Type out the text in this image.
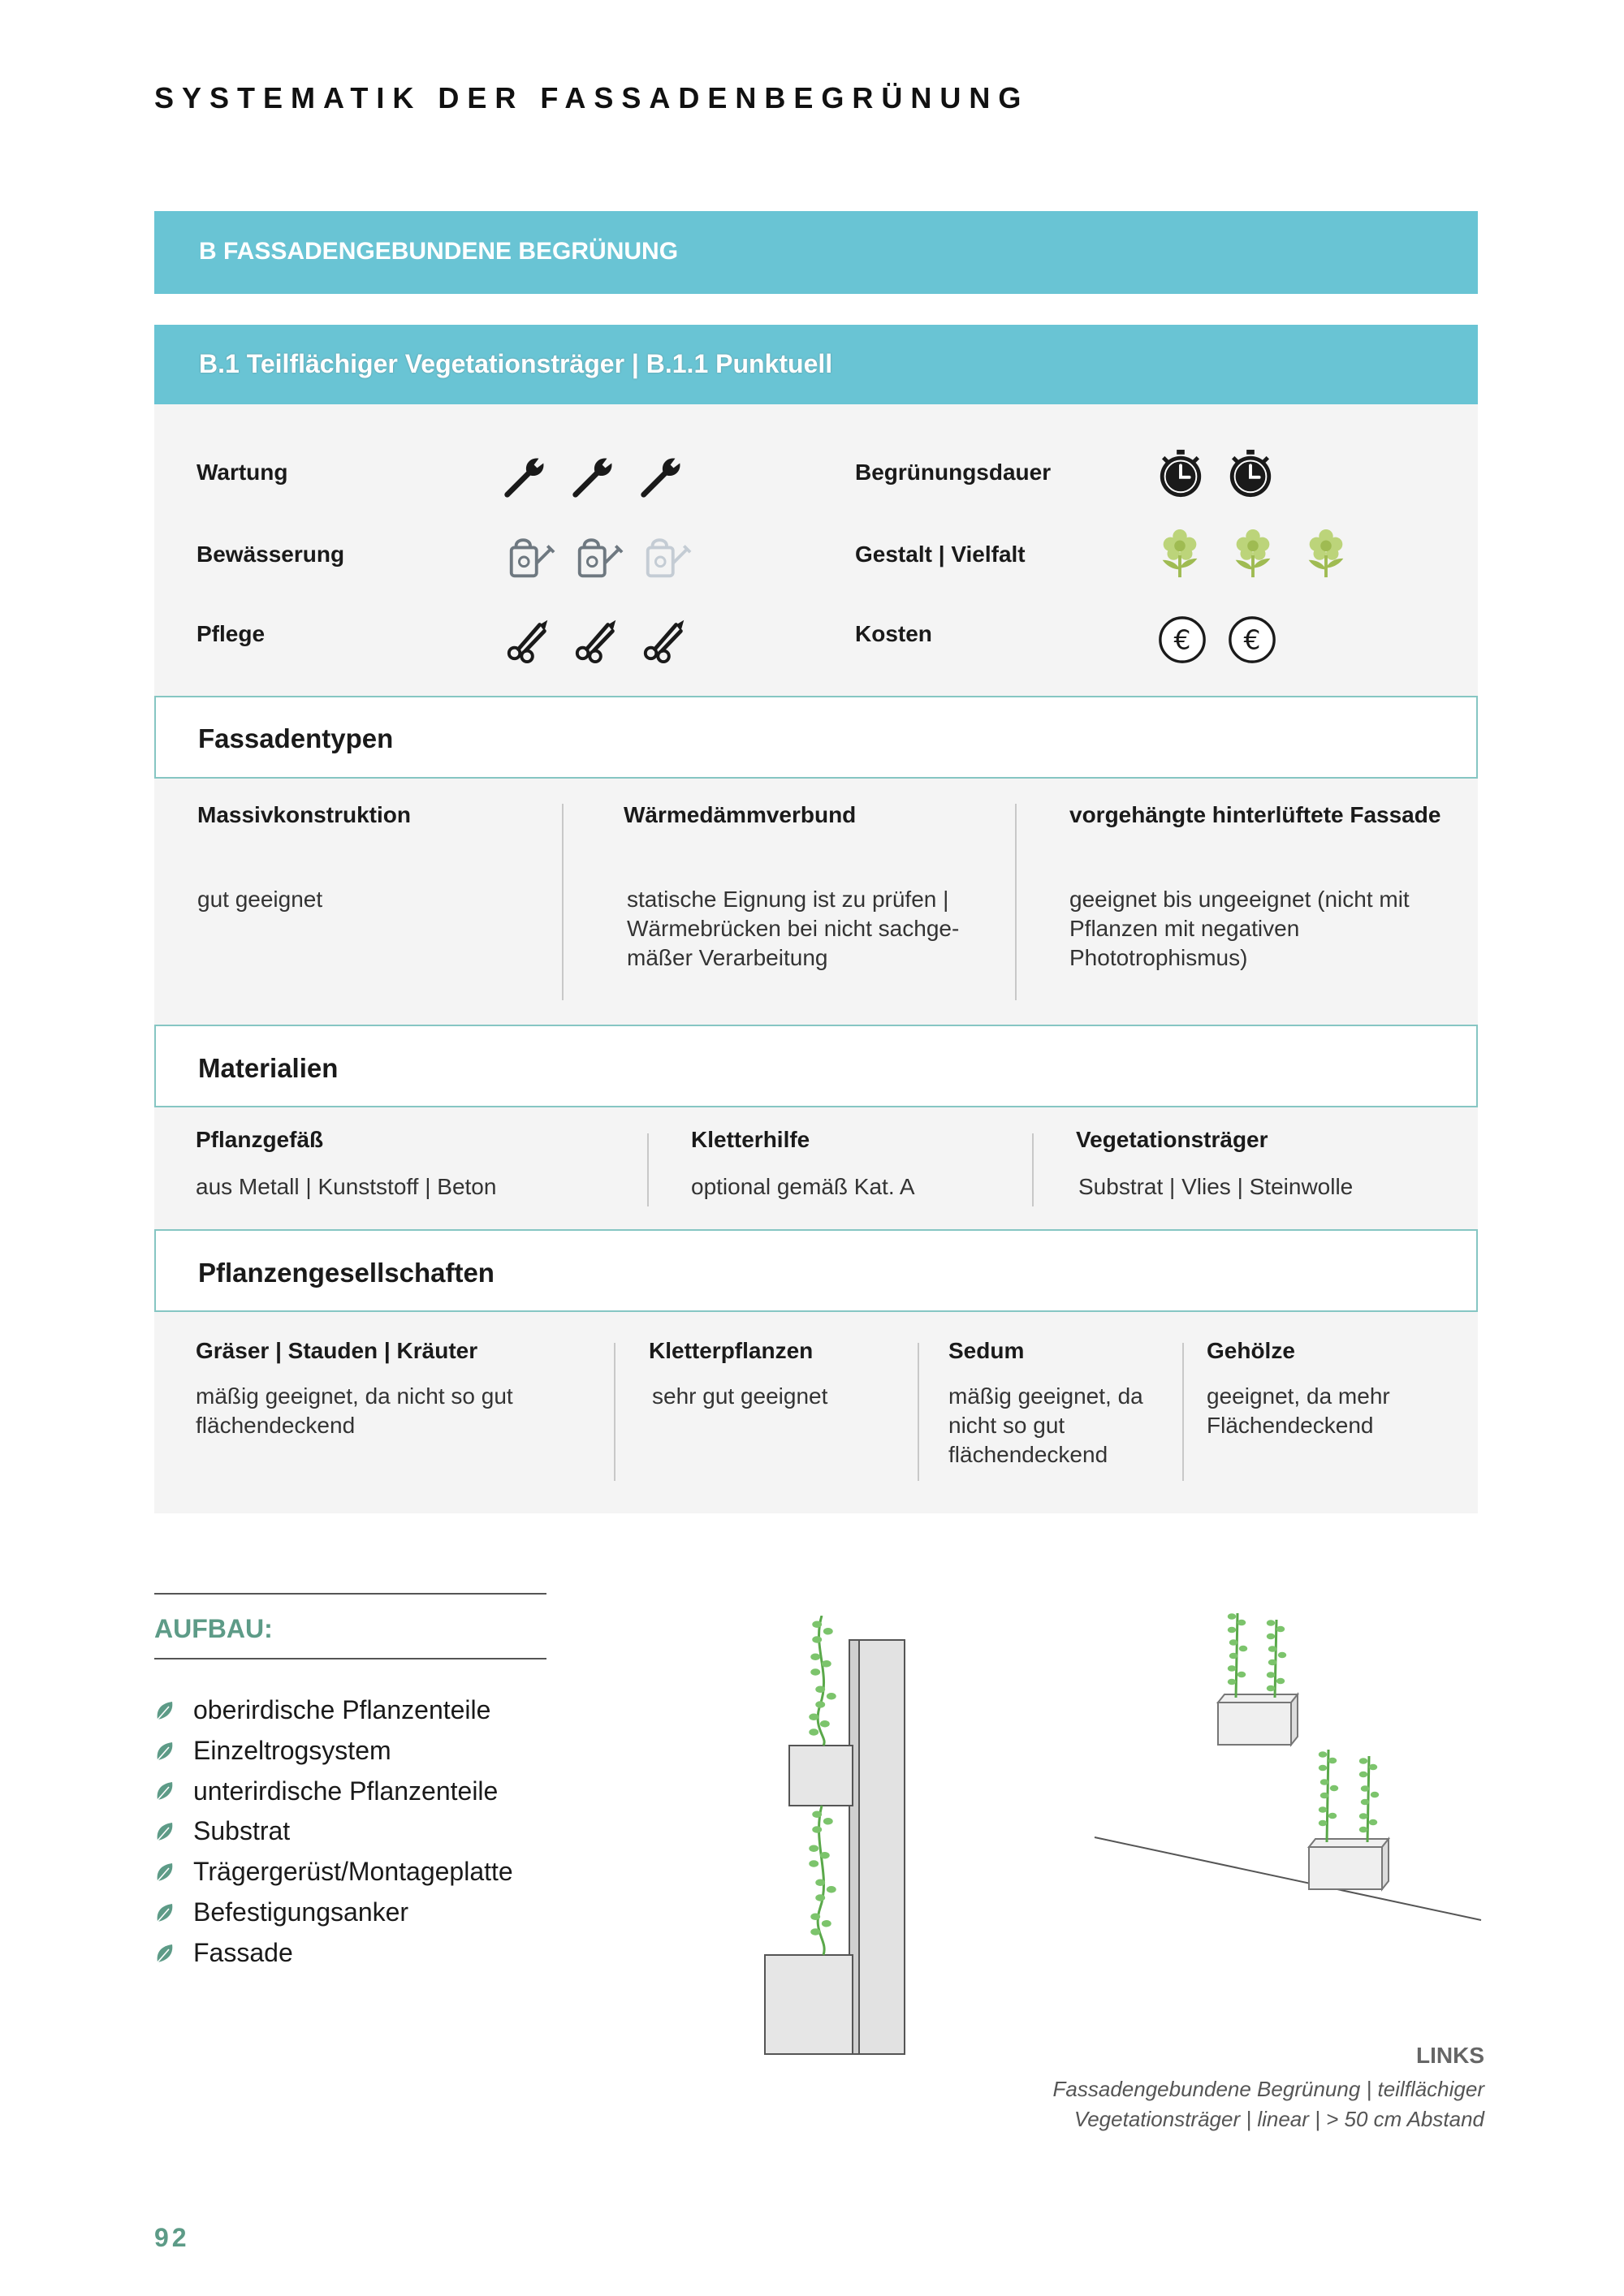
SYSTEMATIK DER FASSADENBEGRÜNUNG
B FASSADENGEBUNDENE BEGRÜNUNG
B.1 Teilflächiger Vegetationsträger | B.1.1 Punktuell
Wartung
Bewässerung
Pflege
Begrünungsdauer
Gestalt | Vielfalt
Kosten
Fassadentypen
Massivkonstruktion
gut geeignet
Wärmedämmverbund
statische Eignung ist zu prüfen | Wärmebrücken bei nicht sachge-mäßer Verarbeitung
vorgehängte hinterlüftete Fassade
geeignet bis ungeeignet (nicht mit Pflanzen mit negativen Phototrophismus)
Materialien
Pflanzgefäß
aus Metall | Kunststoff | Beton
Kletterhilfe
optional gemäß Kat. A
Vegetationsträger
Substrat | Vlies | Steinwolle
Pflanzengesellschaften
Gräser | Stauden | Kräuter
mäßig geeignet, da nicht so gut flächendeckend
Kletterpflanzen
sehr gut geeignet
Sedum
mäßig geeignet, da nicht so gut flächendeckend
Gehölze
geeignet, da mehr Flächendeckend
AUFBAU:
oberirdische Pflanzenteile
Einzeltrogsystem
unterirdische Pflanzenteile
Substrat
Trägergerüst/Montageplatte
Befestigungsanker
Fassade
LINKS
Fassadengebundene Begrünung | teilflächiger Vegetationsträger | linear | > 50 cm Abstand
92
